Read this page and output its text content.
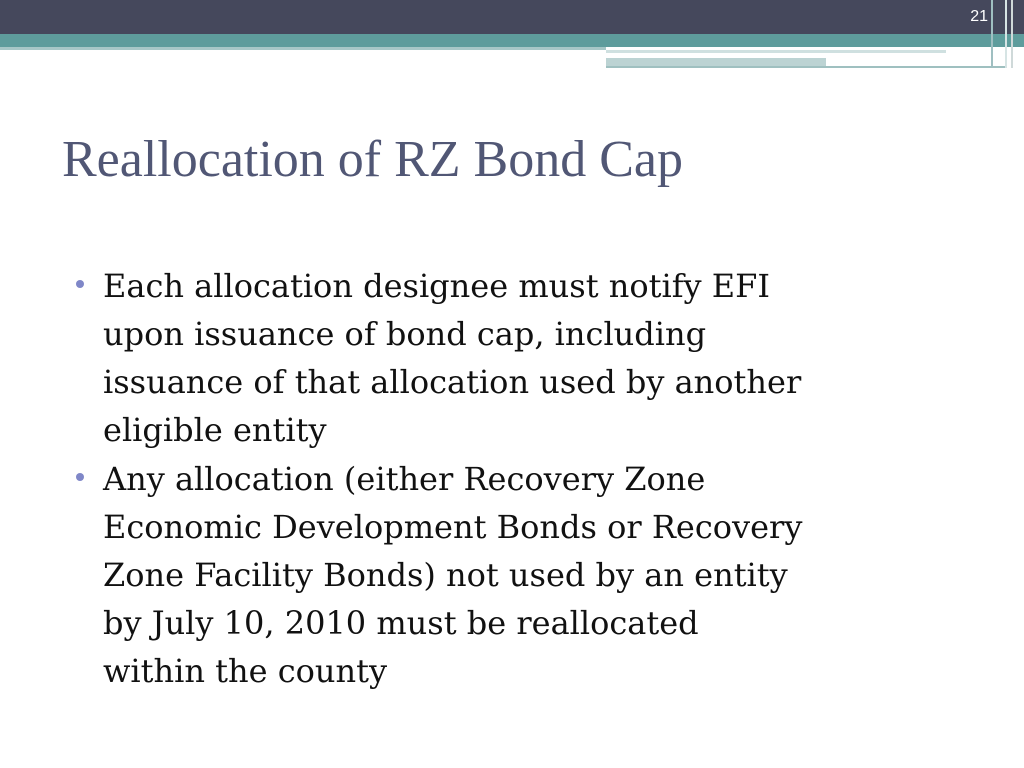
21
Reallocation of RZ Bond Cap
Each allocation designee must notify EFI
upon issuance of bond cap, including
issuance of that allocation used by another
eligible entity
Any allocation (either Recovery Zone
Economic Development Bonds or Recovery
Zone Facility Bonds) not used by an entity
by July 10, 2010 must be reallocated
within the county
